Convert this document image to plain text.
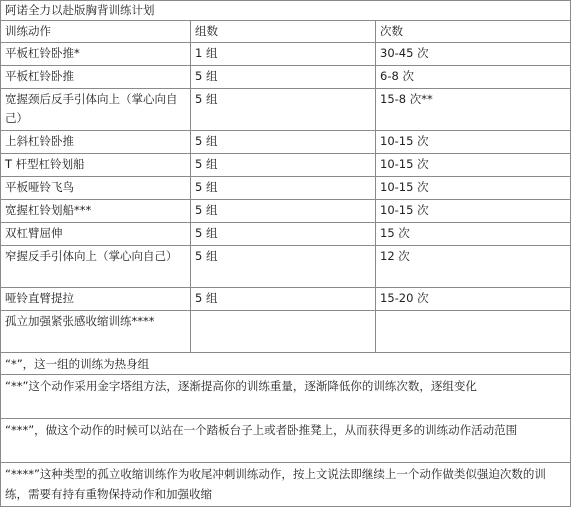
阿诺全力以赴版胸背训练计划		
训练动作	组数	次数
平板杠铃卧推*	1 组	30-45 次
平板杠铃卧推	5 组	6-8 次
宽握颈后反手引体向上（掌心向自己）	5 组	15-8 次**
上斜杠铃卧推	5 组	10-15 次
T 杆型杠铃划船	5 组	10-15 次
平板哑铃飞鸟	5 组	10-15 次
宽握杠铃划船***	5 组	10-15 次
双杠臂屈伸	5 组	15 次
窄握反手引体向上（掌心向自己）	5 组	12 次
哑铃直臂提拉	5 组	15-20 次
孤立加强紧张感收缩训练****		
“*”，这一组的训练为热身组		
“**”这个动作采用金字塔组方法，逐渐提高你的训练重量，逐渐降低你的训练次数，逐组变化		
“***”，做这个动作的时候可以站在一个踏板台子上或者卧推凳上，从而获得更多的训练动作活动范围		
“****”这种类型的孤立收缩训练作为收尾冲刺训练动作，按上文说法即继续上一个动作做类似强迫次数的训练，需要有持有重物保持动作和加强收缩		
